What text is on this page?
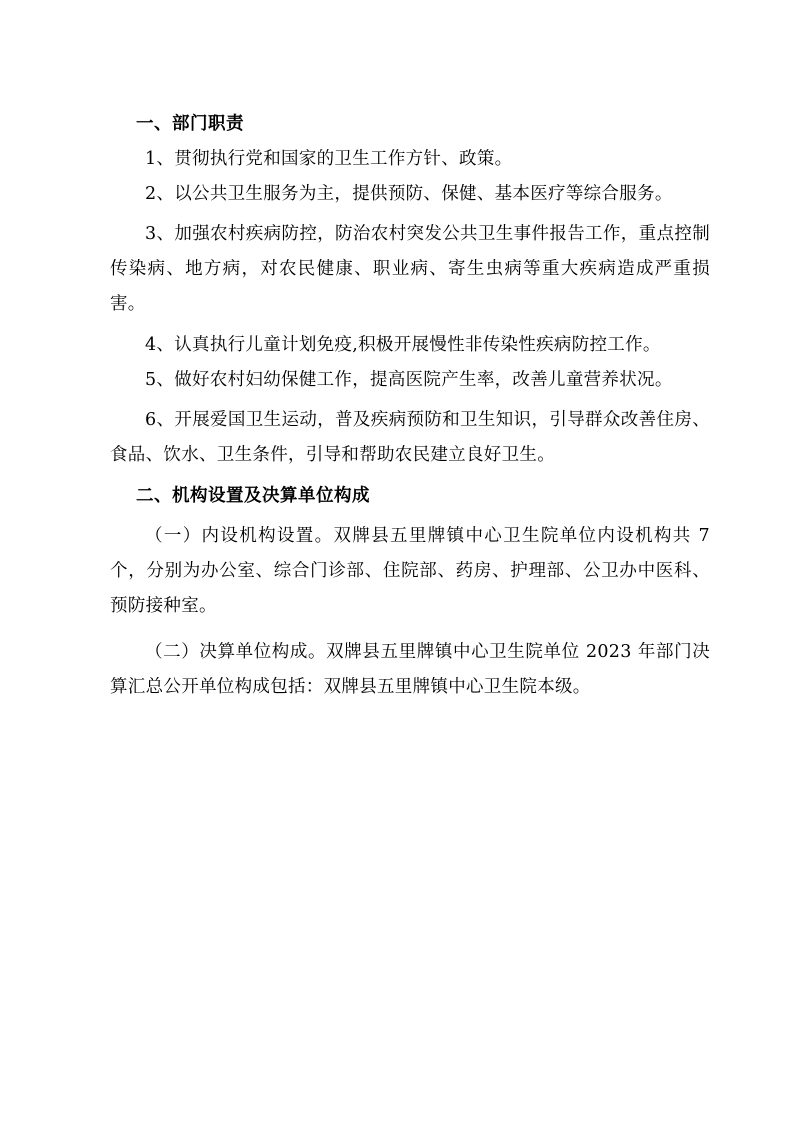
一、部门职责

1、贯彻执行党和国家的卫生工作方针、政策。

2、以公共卫生服务为主，提供预防、保健、基本医疗等综合服务。

3、加强农村疾病防控，防治农村突发公共卫生事件报告工作，重点控制传染病、地方病，对农民健康、职业病、寄生虫病等重大疾病造成严重损害。

4、认真执行儿童计划免疫,积极开展慢性非传染性疾病防控工作。

5、做好农村妇幼保健工作，提高医院产生率，改善儿童营养状况。

6、开展爱国卫生运动，普及疾病预防和卫生知识，引导群众改善住房、食品、饮水、卫生条件，引导和帮助农民建立良好卫生。

二、机构设置及决算单位构成

（一）内设机构设置。双牌县五里牌镇中心卫生院单位内设机构共 7 个，分别为办公室、综合门诊部、住院部、药房、护理部、公卫办中医科、预防接种室。

（二）决算单位构成。双牌县五里牌镇中心卫生院单位 2023 年部门决算汇总公开单位构成包括：双牌县五里牌镇中心卫生院本级。
